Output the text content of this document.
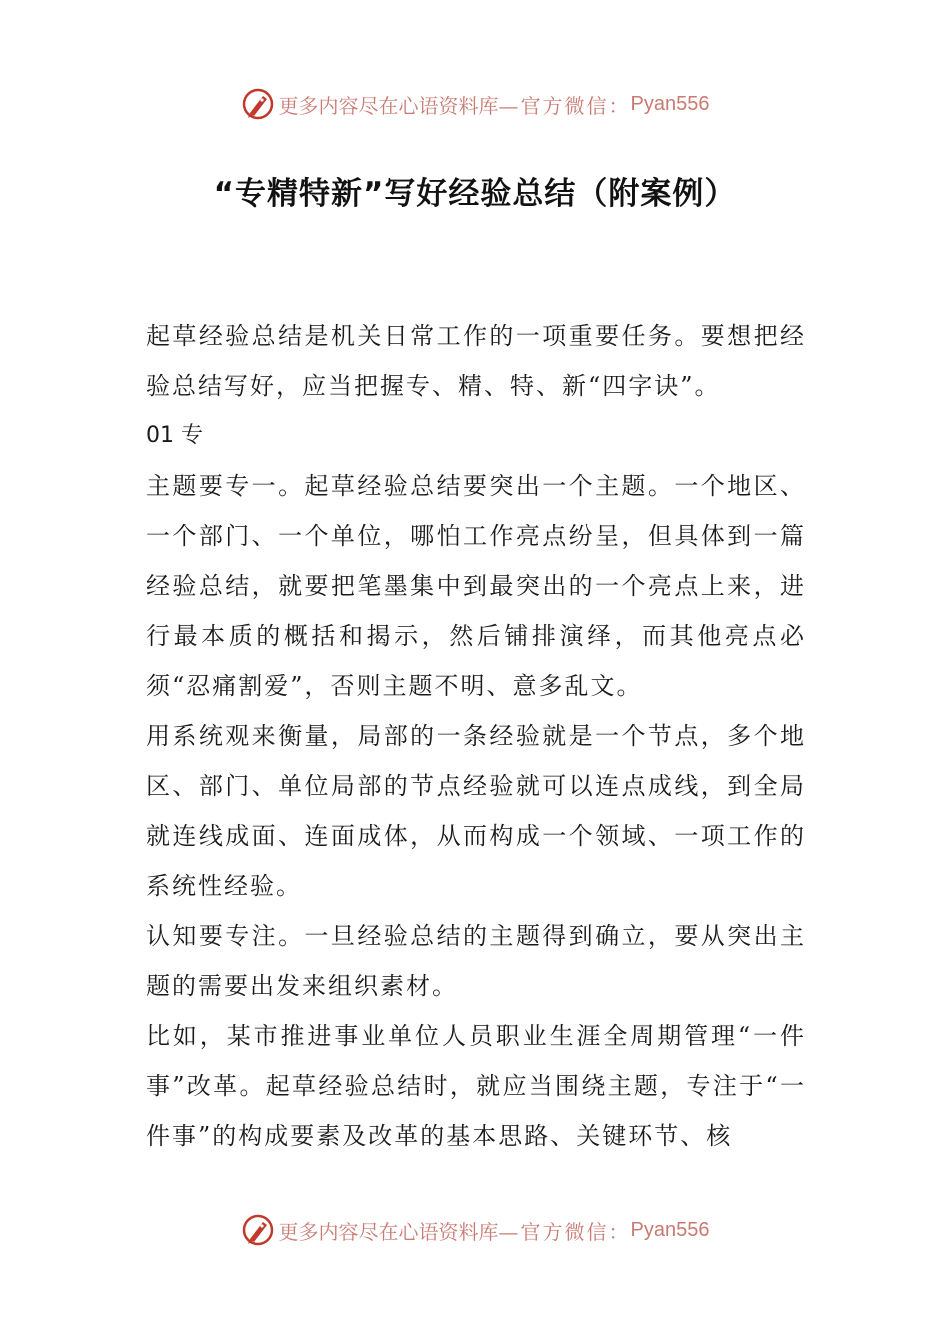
更多内容尽在心语资料库— 官方微信： Pyan556
“专精特新”写好经验总结（附案例）

起草经验总结是机关日常工作的一项重要任务。要想把经验总结写好，应当把握专、精、特、新“四字诀”。

01 专

主题要专一。起草经验总结要突出一个主题。一个地区、一个部门、一个单位，哪怕工作亮点纷呈，但具体到一篇经验总结，就要把笔墨集中到最突出的一个亮点上来，进行最本质的概括和揭示，然后铺排演绎，而其他亮点必须“忍痛割爱”，否则主题不明、意多乱文。

用系统观来衡量，局部的一条经验就是一个节点，多个地区、部门、单位局部的节点经验就可以连点成线，到全局就连线成面、连面成体，从而构成一个领域、一项工作的系统性经验。

认知要专注。一旦经验总结的主题得到确立，要从突出主题的需要出发来组织素材。

比如，某市推进事业单位人员职业生涯全周期管理“一件事”改革。起草经验总结时，就应当围绕主题，专注于“一件事”的构成要素及改革的基本思路、关键环节、核

更多内容尽在心语资料库— 官方微信： Pyan556
